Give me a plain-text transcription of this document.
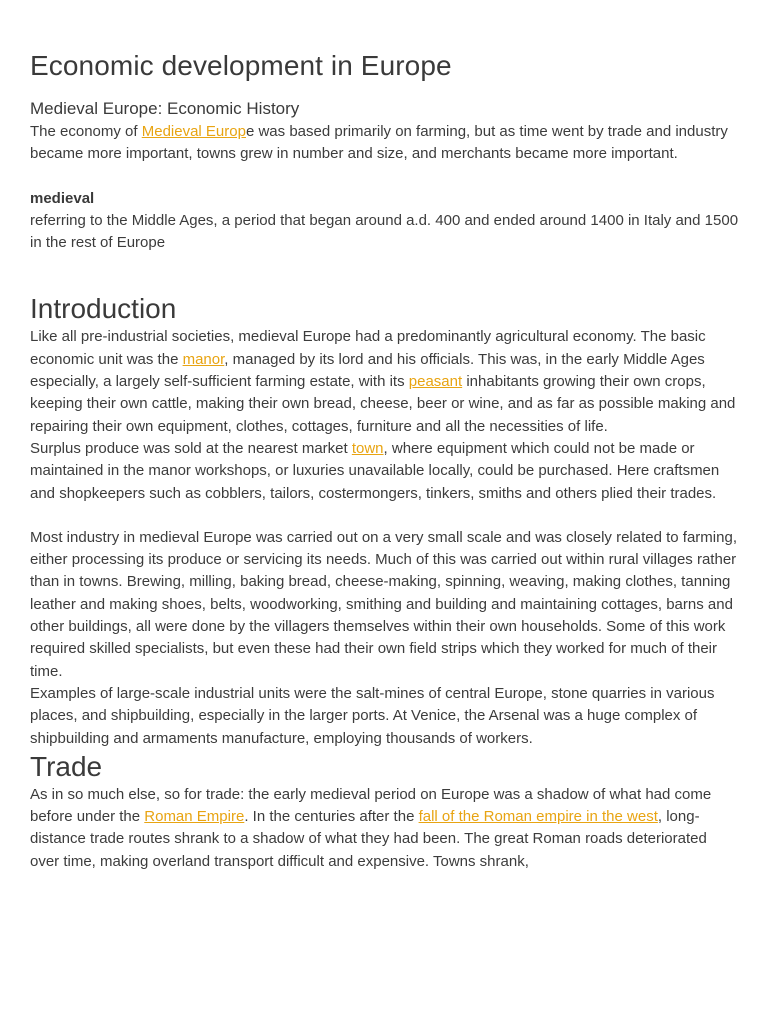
Economic development in Europe
Medieval Europe: Economic History

The economy of Medieval Europe was based primarily on farming, but as time went by trade and industry became more important, towns grew in number and size, and merchants became more important.

medieval

referring to the Middle Ages, a period that began around a.d. 400 and ended around 1400 in Italy and 1500 in the rest of Europe

Introduction

Like all pre-industrial societies, medieval Europe had a predominantly agricultural economy. The basic economic unit was the manor, managed by its lord and his officials. This was, in the early Middle Ages especially, a largely self-sufficient farming estate, with its peasant inhabitants growing their own crops, keeping their own cattle, making their own bread, cheese, beer or wine, and as far as possible making and repairing their own equipment, clothes, cottages, furniture and all the necessities of life.

Surplus produce was sold at the nearest market town, where equipment which could not be made or maintained in the manor workshops, or luxuries unavailable locally, could be purchased. Here craftsmen and shopkeepers such as cobblers, tailors, costermongers, tinkers, smiths and others plied their trades.

Most industry in medieval Europe was carried out on a very small scale and was closely related to farming, either processing its produce or servicing its needs. Much of this was carried out within rural villages rather than in towns. Brewing, milling, baking bread, cheese-making, spinning, weaving, making clothes, tanning leather and making shoes, belts, woodworking, smithing and building and maintaining cottages, barns and other buildings, all were done by the villagers themselves within their own households. Some of this work required skilled specialists, but even these had their own field strips which they worked for much of their time.

Examples of large-scale industrial units were the salt-mines of central Europe, stone quarries in various places, and shipbuilding, especially in the larger ports. At Venice, the Arsenal was a huge complex of shipbuilding and armaments manufacture, employing thousands of workers.

Trade

As in so much else, so for trade: the early medieval period on Europe was a shadow of what had come before under the Roman Empire. In the centuries after the fall of the Roman empire in the west, long-distance trade routes shrank to a shadow of what they had been. The great Roman roads deteriorated over time, making overland transport difficult and expensive. Towns shrank,
